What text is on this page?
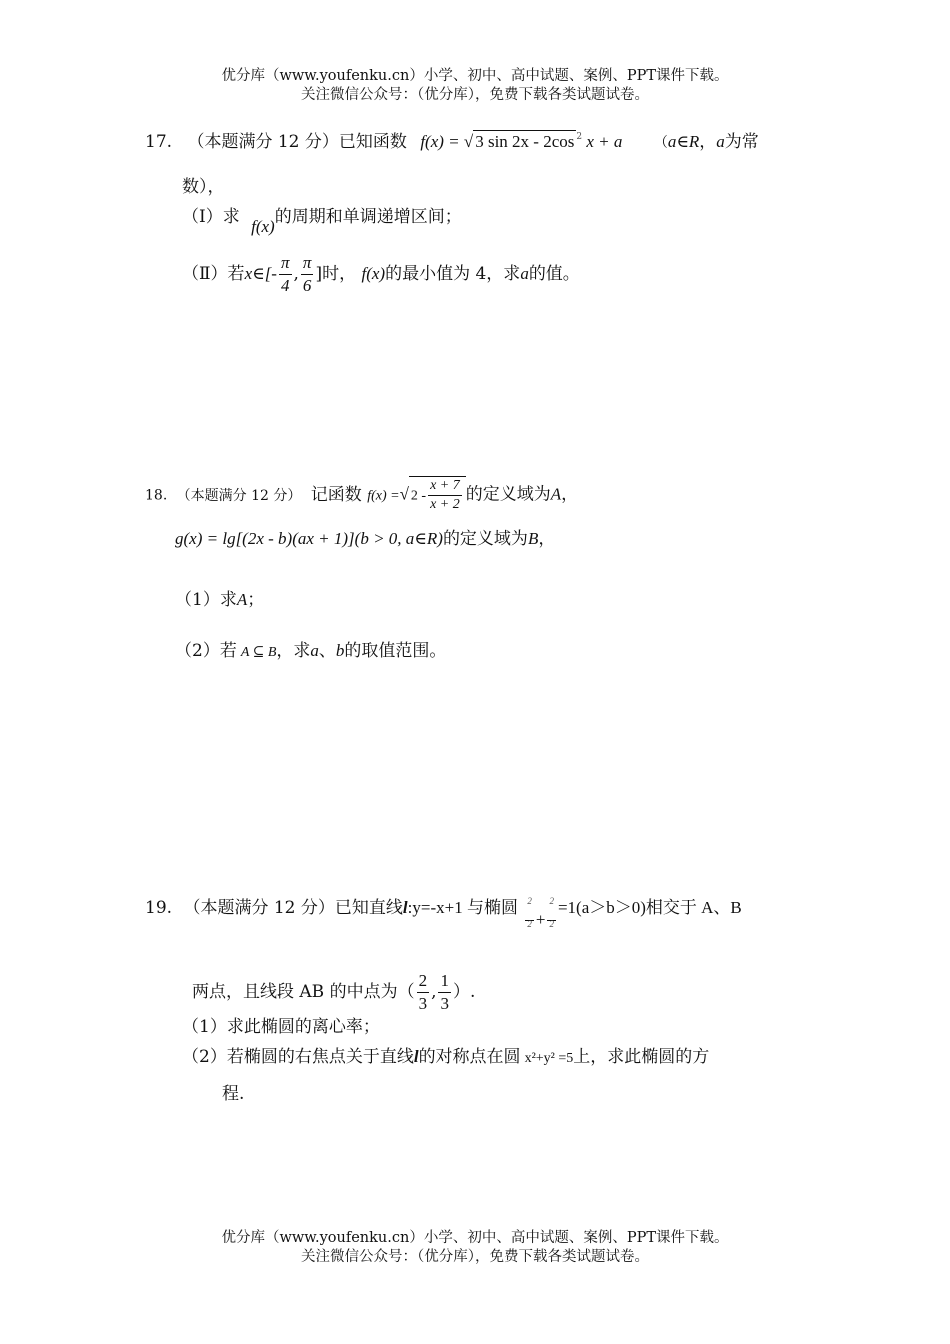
优分库（www.youfenku.cn）小学、初中、高中试题、案例、PPT课件下载。
关注微信公众号：（优分库），免费下载各类试题试卷。
17. （本题满分 12 分）已知函数 f(x) = √ 3 sin 2x - 2cos $^2$ x + a （a∈R，a为常
数），
（Ⅰ）求 f(x)的周期和单调递增区间；
（Ⅱ）若x∈[- $\frac{\pi}{4}$ , $\frac{\pi}{6}$ ]时， f(x)的最小值为 4，求a的值。
18. （本题满分 12 分） 记函数 f(x) =√ $2 - \frac{x + 7}{x + 2}$ 的定义域为A，
g(x) = lg[(2x - b)(ax + 1)](b > 0, a∈R)的定义域为B，
（1）求A；
（2）若 A ⊆ B，求a、b的取值范围。
19. （本题满分 12 分）已知直线l:y=-x+1 与椭圆 $\frac{^2}{^2} + \frac{^2}{^2} =1(a>b>0)$相交于 A、B
两点，且线段 AB 的中点为（ $\frac{2}{3}$ , $\frac{1}{3}$ ）.
（1）求此椭圆的离心率；
（2）若椭圆的右焦点关于直线l的对称点在圆 x²+y² =5上，求此椭圆的方
程.
优分库（www.youfenku.cn）小学、初中、高中试题、案例、PPT课件下载。
关注微信公众号：（优分库），免费下载各类试题试卷。
